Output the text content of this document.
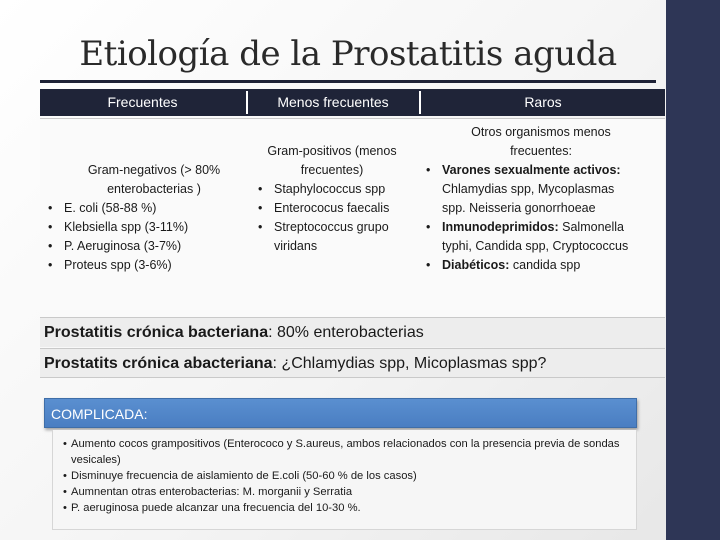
Etiología de la Prostatitis aguda
Frecuentes	Menos frecuentes	Raros
Gram-negativos (> 80% enterobacterias )
• E. coli (58-88 %)
• Klebsiella spp (3-11%)
• P. Aeruginosa (3-7%)
• Proteus spp (3-6%)
Gram-positivos (menos frecuentes)
• Staphylococcus spp
• Enterococus faecalis
• Streptococcus grupo viridans
Otros organismos menos frecuentes:
• Varones sexualmente activos: Chlamydias spp, Mycoplasmas spp. Neisseria gonorrhoeae
• Inmunodeprimidos: Salmonella typhi, Candida spp, Cryptococcus
• Diabéticos: candida spp
Prostatitis crónica bacteriana: 80% enterobacterias
Prostatits crónica abacteriana: ¿Chlamydias spp, Micoplasmas spp?
COMPLICADA:
• Aumento cocos grampositivos (Enterococo y S.aureus, ambos relacionados con la presencia previa de sondas vesicales)
• Disminuye frecuencia de aislamiento de E.coli (50-60 % de los casos)
• Aumnentan otras enterobacterias: M. morganii y Serratia
• P. aeruginosa puede alcanzar una frecuencia del 10-30 %.
